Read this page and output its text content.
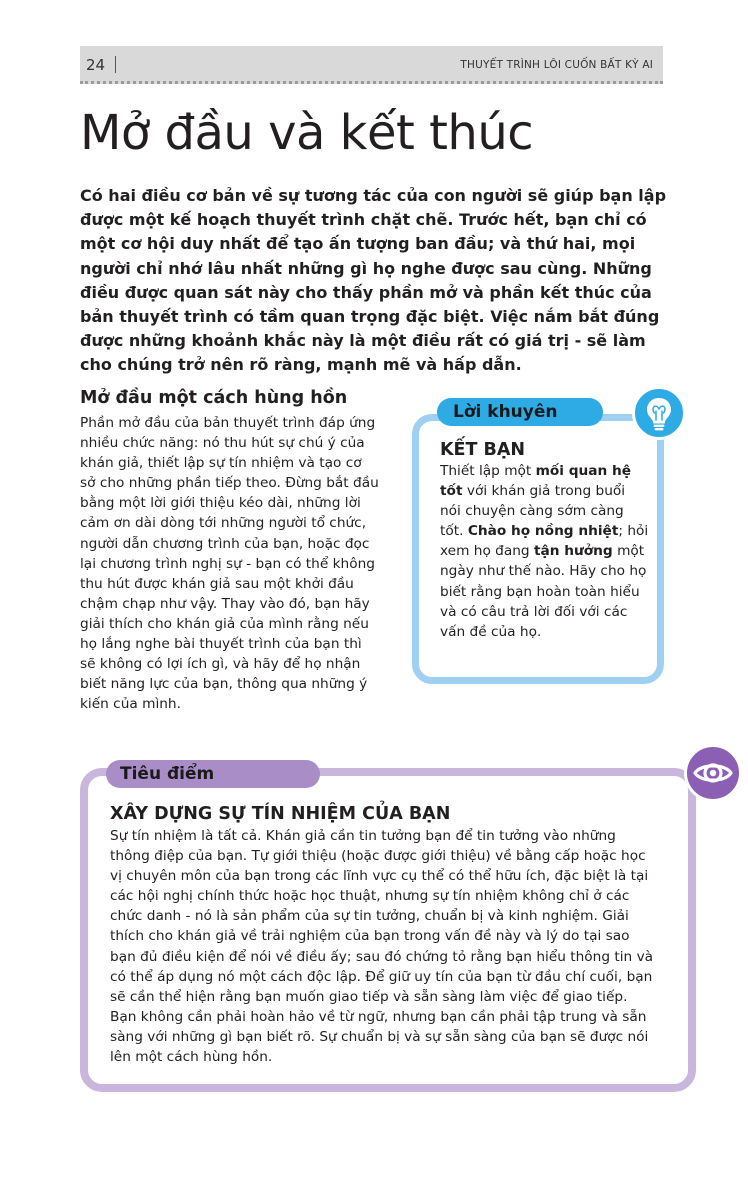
24	THUYẾT TRÌNH LÔI CUỐN BẤT KỲ AI
Mở đầu và kết thúc

Có hai điều cơ bản về sự tương tác của con người sẽ giúp bạn lập được một kế hoạch thuyết trình chặt chẽ. Trước hết, bạn chỉ có một cơ hội duy nhất để tạo ấn tượng ban đầu; và thứ hai, mọi người chỉ nhớ lâu nhất những gì họ nghe được sau cùng. Những điều được quan sát này cho thấy phần mở và phần kết thúc của bản thuyết trình có tầm quan trọng đặc biệt. Việc nắm bắt đúng được những khoảnh khắc này là một điều rất có giá trị - sẽ làm cho chúng trở nên rõ ràng, mạnh mẽ và hấp dẫn.

Mở đầu một cách hùng hồn

Phần mở đầu của bản thuyết trình đáp ứng nhiều chức năng: nó thu hút sự chú ý của khán giả, thiết lập sự tín nhiệm và tạo cơ sở cho những phần tiếp theo. Đừng bắt đầu bằng một lời giới thiệu kéo dài, những lời cảm ơn dài dòng tới những người tổ chức, người dẫn chương trình của bạn, hoặc đọc lại chương trình nghị sự - bạn có thể không thu hút được khán giả sau một khởi đầu chậm chạp như vậy. Thay vào đó, bạn hãy giải thích cho khán giả của mình rằng nếu họ lắng nghe bài thuyết trình của bạn thì sẽ không có lợi ích gì, và hãy để họ nhận biết năng lực của bạn, thông qua những ý kiến của mình.

Lời khuyên
KẾT BẠN

Thiết lập một mối quan hệ tốt với khán giả trong buổi nói chuyện càng sớm càng tốt. Chào họ nồng nhiệt; hỏi xem họ đang tận hưởng một ngày như thế nào. Hãy cho họ biết rằng bạn hoàn toàn hiểu và có câu trả lời đối với các vấn đề của họ.

Tiêu điểm
XÂY DỰNG SỰ TÍN NHIỆM CỦA BẠN

Sự tín nhiệm là tất cả. Khán giả cần tin tưởng bạn để tin tưởng vào những thông điệp của bạn. Tự giới thiệu (hoặc được giới thiệu) về bằng cấp hoặc học vị chuyên môn của bạn trong các lĩnh vực cụ thể có thể hữu ích, đặc biệt là tại các hội nghị chính thức hoặc học thuật, nhưng sự tín nhiệm không chỉ ở các chức danh - nó là sản phẩm của sự tin tưởng, chuẩn bị và kinh nghiệm. Giải thích cho khán giả về trải nghiệm của bạn trong vấn đề này và lý do tại sao bạn đủ điều kiện để nói về điều ấy; sau đó chứng tỏ rằng bạn hiểu thông tin và có thể áp dụng nó một cách độc lập. Để giữ uy tín của bạn từ đầu chí cuối, bạn sẽ cần thể hiện rằng bạn muốn giao tiếp và sẵn sàng làm việc để giao tiếp. Bạn không cần phải hoàn hảo về từ ngữ, nhưng bạn cần phải tập trung và sẵn sàng với những gì bạn biết rõ. Sự chuẩn bị và sự sẵn sàng của bạn sẽ được nói lên một cách hùng hồn.
